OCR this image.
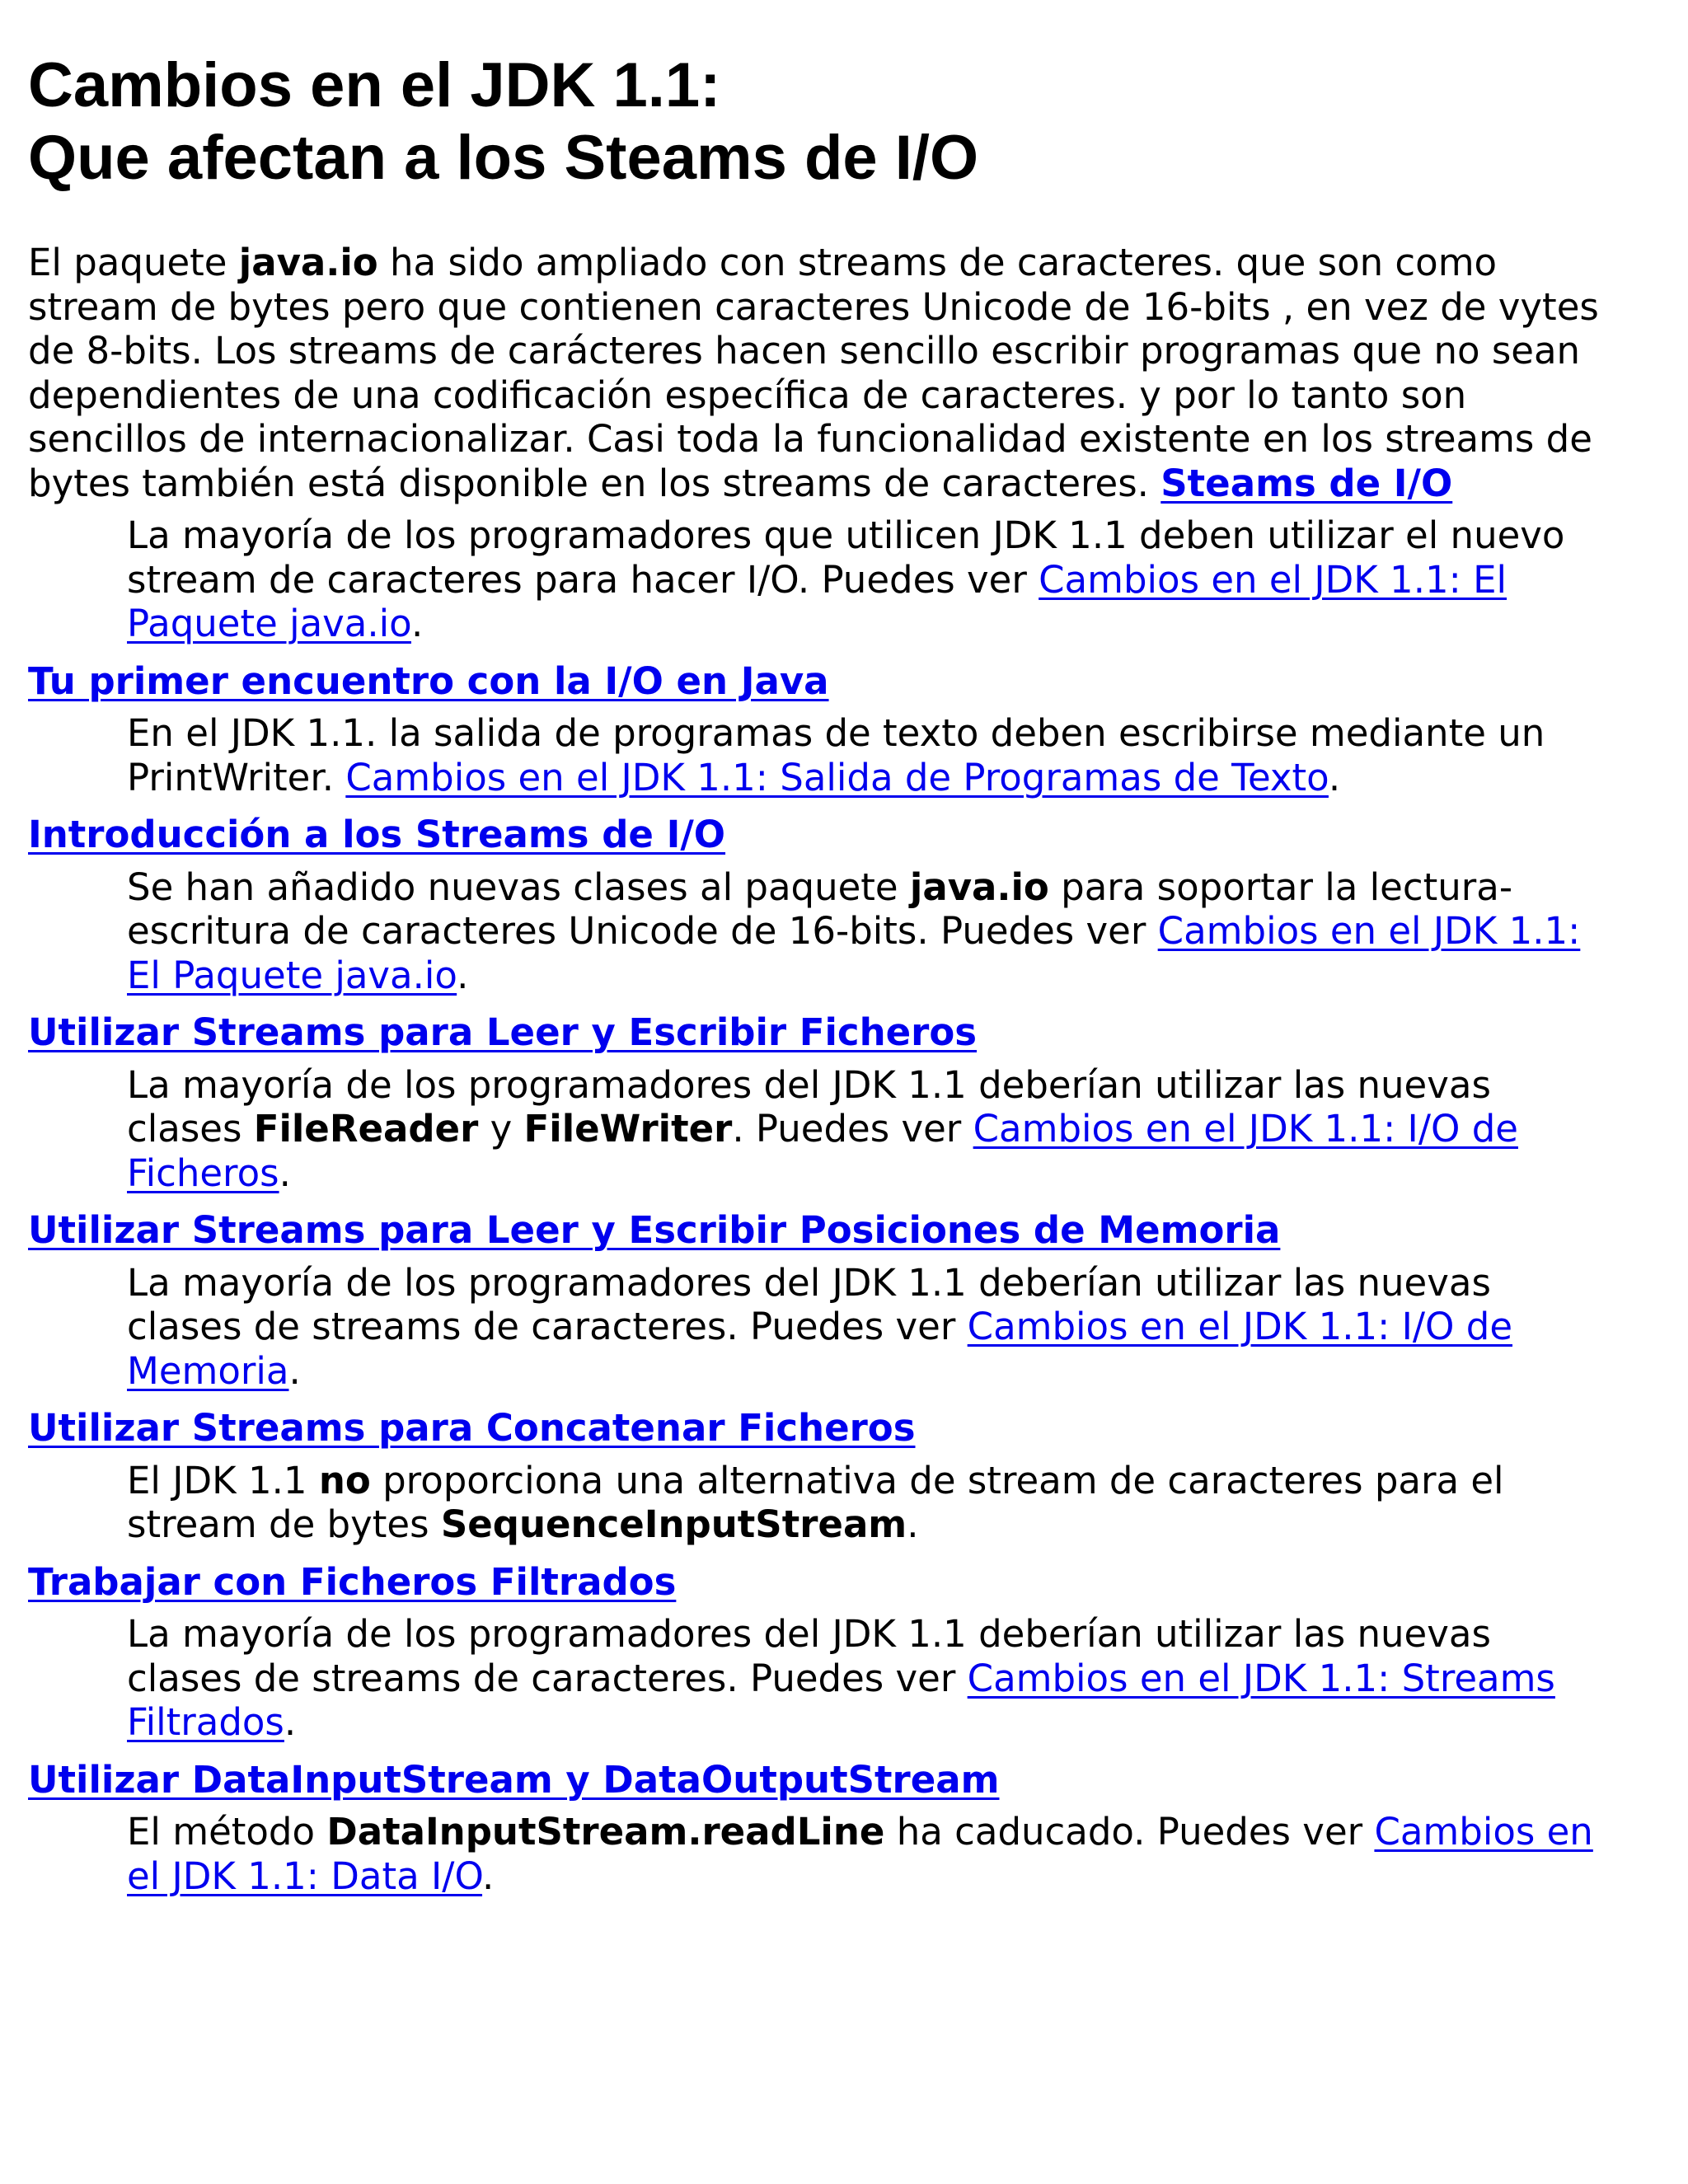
Cambios en el JDK 1.1:
Que afectan a los Steams de I/O

El paquete java.io ha sido ampliado con streams de caracteres. que son como stream de bytes pero que contienen caracteres Unicode de 16-bits , en vez de vytes de 8-bits. Los streams de carácteres hacen sencillo escribir programas que no sean dependientes de una codificación específica de caracteres. y por lo tanto son sencillos de internacionalizar. Casi toda la funcionalidad existente en los streams de bytes también está disponible en los streams de caracteres. Steams de I/O

La mayoría de los programadores que utilicen JDK 1.1 deben utilizar el nuevo stream de caracteres para hacer I/O. Puedes ver Cambios en el JDK 1.1: El Paquete java.io.
Tu primer encuentro con la I/O en Java
En el JDK 1.1. la salida de programas de texto deben escribirse mediante un PrintWriter. Cambios en el JDK 1.1: Salida de Programas de Texto.
Introducción a los Streams de I/O
Se han añadido nuevas clases al paquete java.io para soportar la lectura-escritura de caracteres Unicode de 16-bits. Puedes ver Cambios en el JDK 1.1: El Paquete java.io.
Utilizar Streams para Leer y Escribir Ficheros
La mayoría de los programadores del JDK 1.1 deberían utilizar las nuevas clases FileReader y FileWriter. Puedes ver Cambios en el JDK 1.1: I/O de Ficheros.
Utilizar Streams para Leer y Escribir Posiciones de Memoria
La mayoría de los programadores del JDK 1.1 deberían utilizar las nuevas clases de streams de caracteres. Puedes ver Cambios en el JDK 1.1: I/O de Memoria.
Utilizar Streams para Concatenar Ficheros
El JDK 1.1 no proporciona una alternativa de stream de caracteres para el stream de bytes SequenceInputStream.
Trabajar con Ficheros Filtrados
La mayoría de los programadores del JDK 1.1 deberían utilizar las nuevas clases de streams de caracteres. Puedes ver Cambios en el JDK 1.1: Streams Filtrados.
Utilizar DataInputStream y DataOutputStream
El método DataInputStream.readLine ha caducado. Puedes ver Cambios en el JDK 1.1: Data I/O.
